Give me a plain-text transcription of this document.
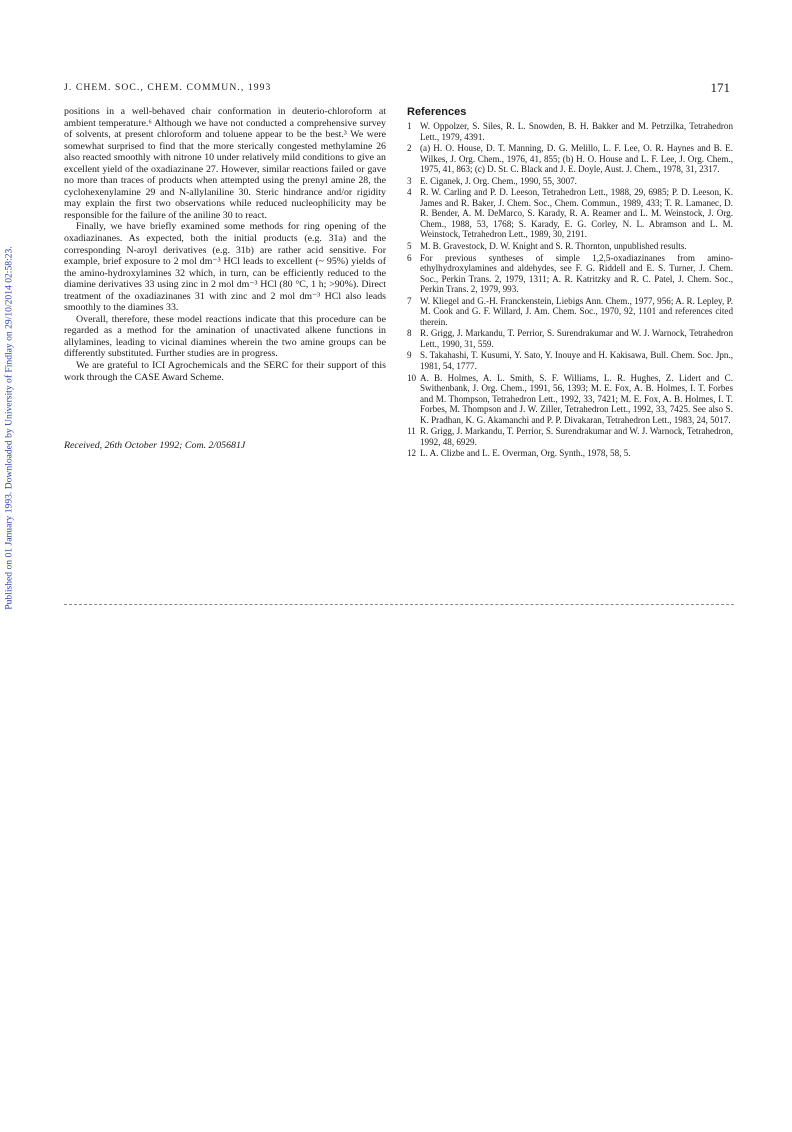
Published on 01 January 1993. Downloaded by University of Findlay on 29/10/2014 02:58:23.
J. CHEM. SOC., CHEM. COMMUN., 1993	171

positions in a well-behaved chair conformation in deuterio-chloroform at ambient temperature.⁶ Although we have not conducted a comprehensive survey of solvents, at present chloroform and toluene appear to be the best.³ We were somewhat surprised to find that the more sterically congested methylamine 26 also reacted smoothly with nitrone 10 under relatively mild conditions to give an excellent yield of the oxadiazinane 27. However, similar reactions failed or gave no more than traces of products when attempted using the prenyl amine 28, the cyclohexenylamine 29 and N-allylaniline 30. Steric hindrance and/or rigidity may explain the first two observations while reduced nucleophilicity may be responsible for the failure of the aniline 30 to react.

Finally, we have briefly examined some methods for ring opening of the oxadiazinanes. As expected, both the initial products (e.g. 31a) and the corresponding N-aroyl derivatives (e.g. 31b) are rather acid sensitive. For example, brief exposure to 2 mol dm⁻³ HCl leads to excellent (~ 95%) yields of the amino-hydroxylamines 32 which, in turn, can be efficiently reduced to the diamine derivatives 33 using zinc in 2 mol dm⁻³ HCl (80 °C, 1 h; >90%). Direct treatment of the oxadiazinanes 31 with zinc and 2 mol dm⁻³ HCl also leads smoothly to the diamines 33.

Overall, therefore, these model reactions indicate that this procedure can be regarded as a method for the amination of unactivated alkene functions in allylamines, leading to vicinal diamines wherein the two amine groups can be differently substituted. Further studies are in progress.

We are grateful to ICI Agrochemicals and the SERC for their support of this work through the CASE Award Scheme.

Received, 26th October 1992; Com. 2/05681J

References
1 W. Oppolzer, S. Siles, R. L. Snowden, B. H. Bakker and M. Petrzilka, Tetrahedron Lett., 1979, 4391.
2 (a) H. O. House, D. T. Manning, D. G. Melillo, L. F. Lee, O. R. Haynes and B. E. Wilkes, J. Org. Chem., 1976, 41, 855; (b) H. O. House and L. F. Lee, J. Org. Chem., 1975, 41, 863; (c) D. St. C. Black and J. E. Doyle, Aust. J. Chem., 1978, 31, 2317.
3 E. Ciganek, J. Org. Chem., 1990, 55, 3007.
4 R. W. Carling and P. D. Leeson, Tetrahedron Lett., 1988, 29, 6985; P. D. Leeson, K. James and R. Baker, J. Chem. Soc., Chem. Commun., 1989, 433; T. R. Lamanec, D. R. Bender, A. M. DeMarco, S. Karady, R. A. Reamer and L. M. Weinstock, J. Org. Chem., 1988, 53, 1768; S. Karady, E. G. Corley, N. L. Abramson and L. M. Weinstock, Tetrahedron Lett., 1989, 30, 2191.
5 M. B. Gravestock, D. W. Knight and S. R. Thornton, unpublished results.
6 For previous syntheses of simple 1,2,5-oxadiazinanes from amino-ethylhydroxylamines and aldehydes, see F. G. Riddell and E. S. Turner, J. Chem. Soc., Perkin Trans. 2, 1979, 1311; A. R. Katritzky and R. C. Patel, J. Chem. Soc., Perkin Trans. 2, 1979, 993.
7 W. Kliegel and G.-H. Franckenstein, Liebigs Ann. Chem., 1977, 956; A. R. Lepley, P. M. Cook and G. F. Willard, J. Am. Chem. Soc., 1970, 92, 1101 and references cited therein.
8 R. Grigg, J. Markandu, T. Perrior, S. Surendrakumar and W. J. Warnock, Tetrahedron Lett., 1990, 31, 559.
9 S. Takahashi, T. Kusumi, Y. Sato, Y. Inouye and H. Kakisawa, Bull. Chem. Soc. Jpn., 1981, 54, 1777.
10 A. B. Holmes, A. L. Smith, S. F. Williams, L. R. Hughes, Z. Lidert and C. Swithenbank, J. Org. Chem., 1991, 56, 1393; M. E. Fox, A. B. Holmes, I. T. Forbes and M. Thompson, Tetrahedron Lett., 1992, 33, 7421; M. E. Fox, A. B. Holmes, I. T. Forbes, M. Thompson and J. W. Ziller, Tetrahedron Lett., 1992, 33, 7425. See also S. K. Pradhan, K. G. Akamanchi and P. P. Divakaran, Tetrahedron Lett., 1983, 24, 5017.
11 R. Grigg, J. Markandu, T. Perrior, S. Surendrakumar and W. J. Warnock, Tetrahedron, 1992, 48, 6929.
12 L. A. Clizbe and L. E. Overman, Org. Synth., 1978, 58, 5.
